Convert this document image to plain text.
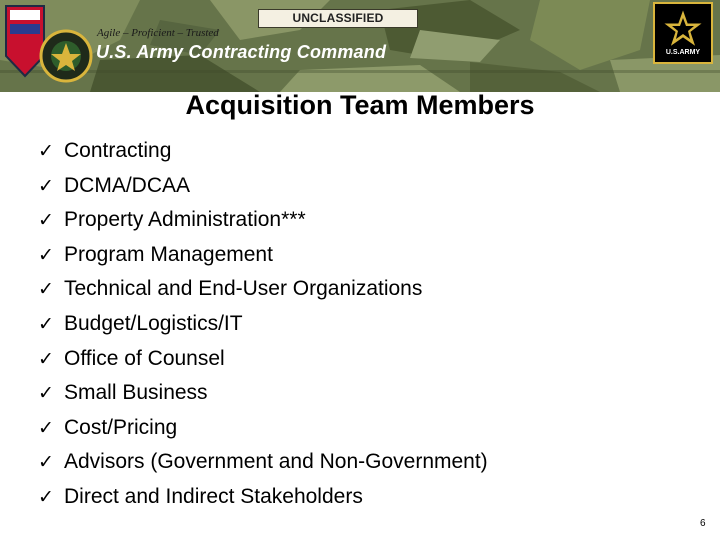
UNCLASSIFIED
Agile – Proficient – Trusted
U.S. Army Contracting Command	U.S.ARMY
Acquisition Team Members
✓ Contracting
✓ DCMA/DCAA
✓ Property Administration***
✓ Program Management
✓ Technical and End-User Organizations
✓ Budget/Logistics/IT
✓ Office of Counsel
✓ Small Business
✓ Cost/Pricing
✓ Advisors (Government and Non-Government)
✓ Direct and Indirect Stakeholders
6
